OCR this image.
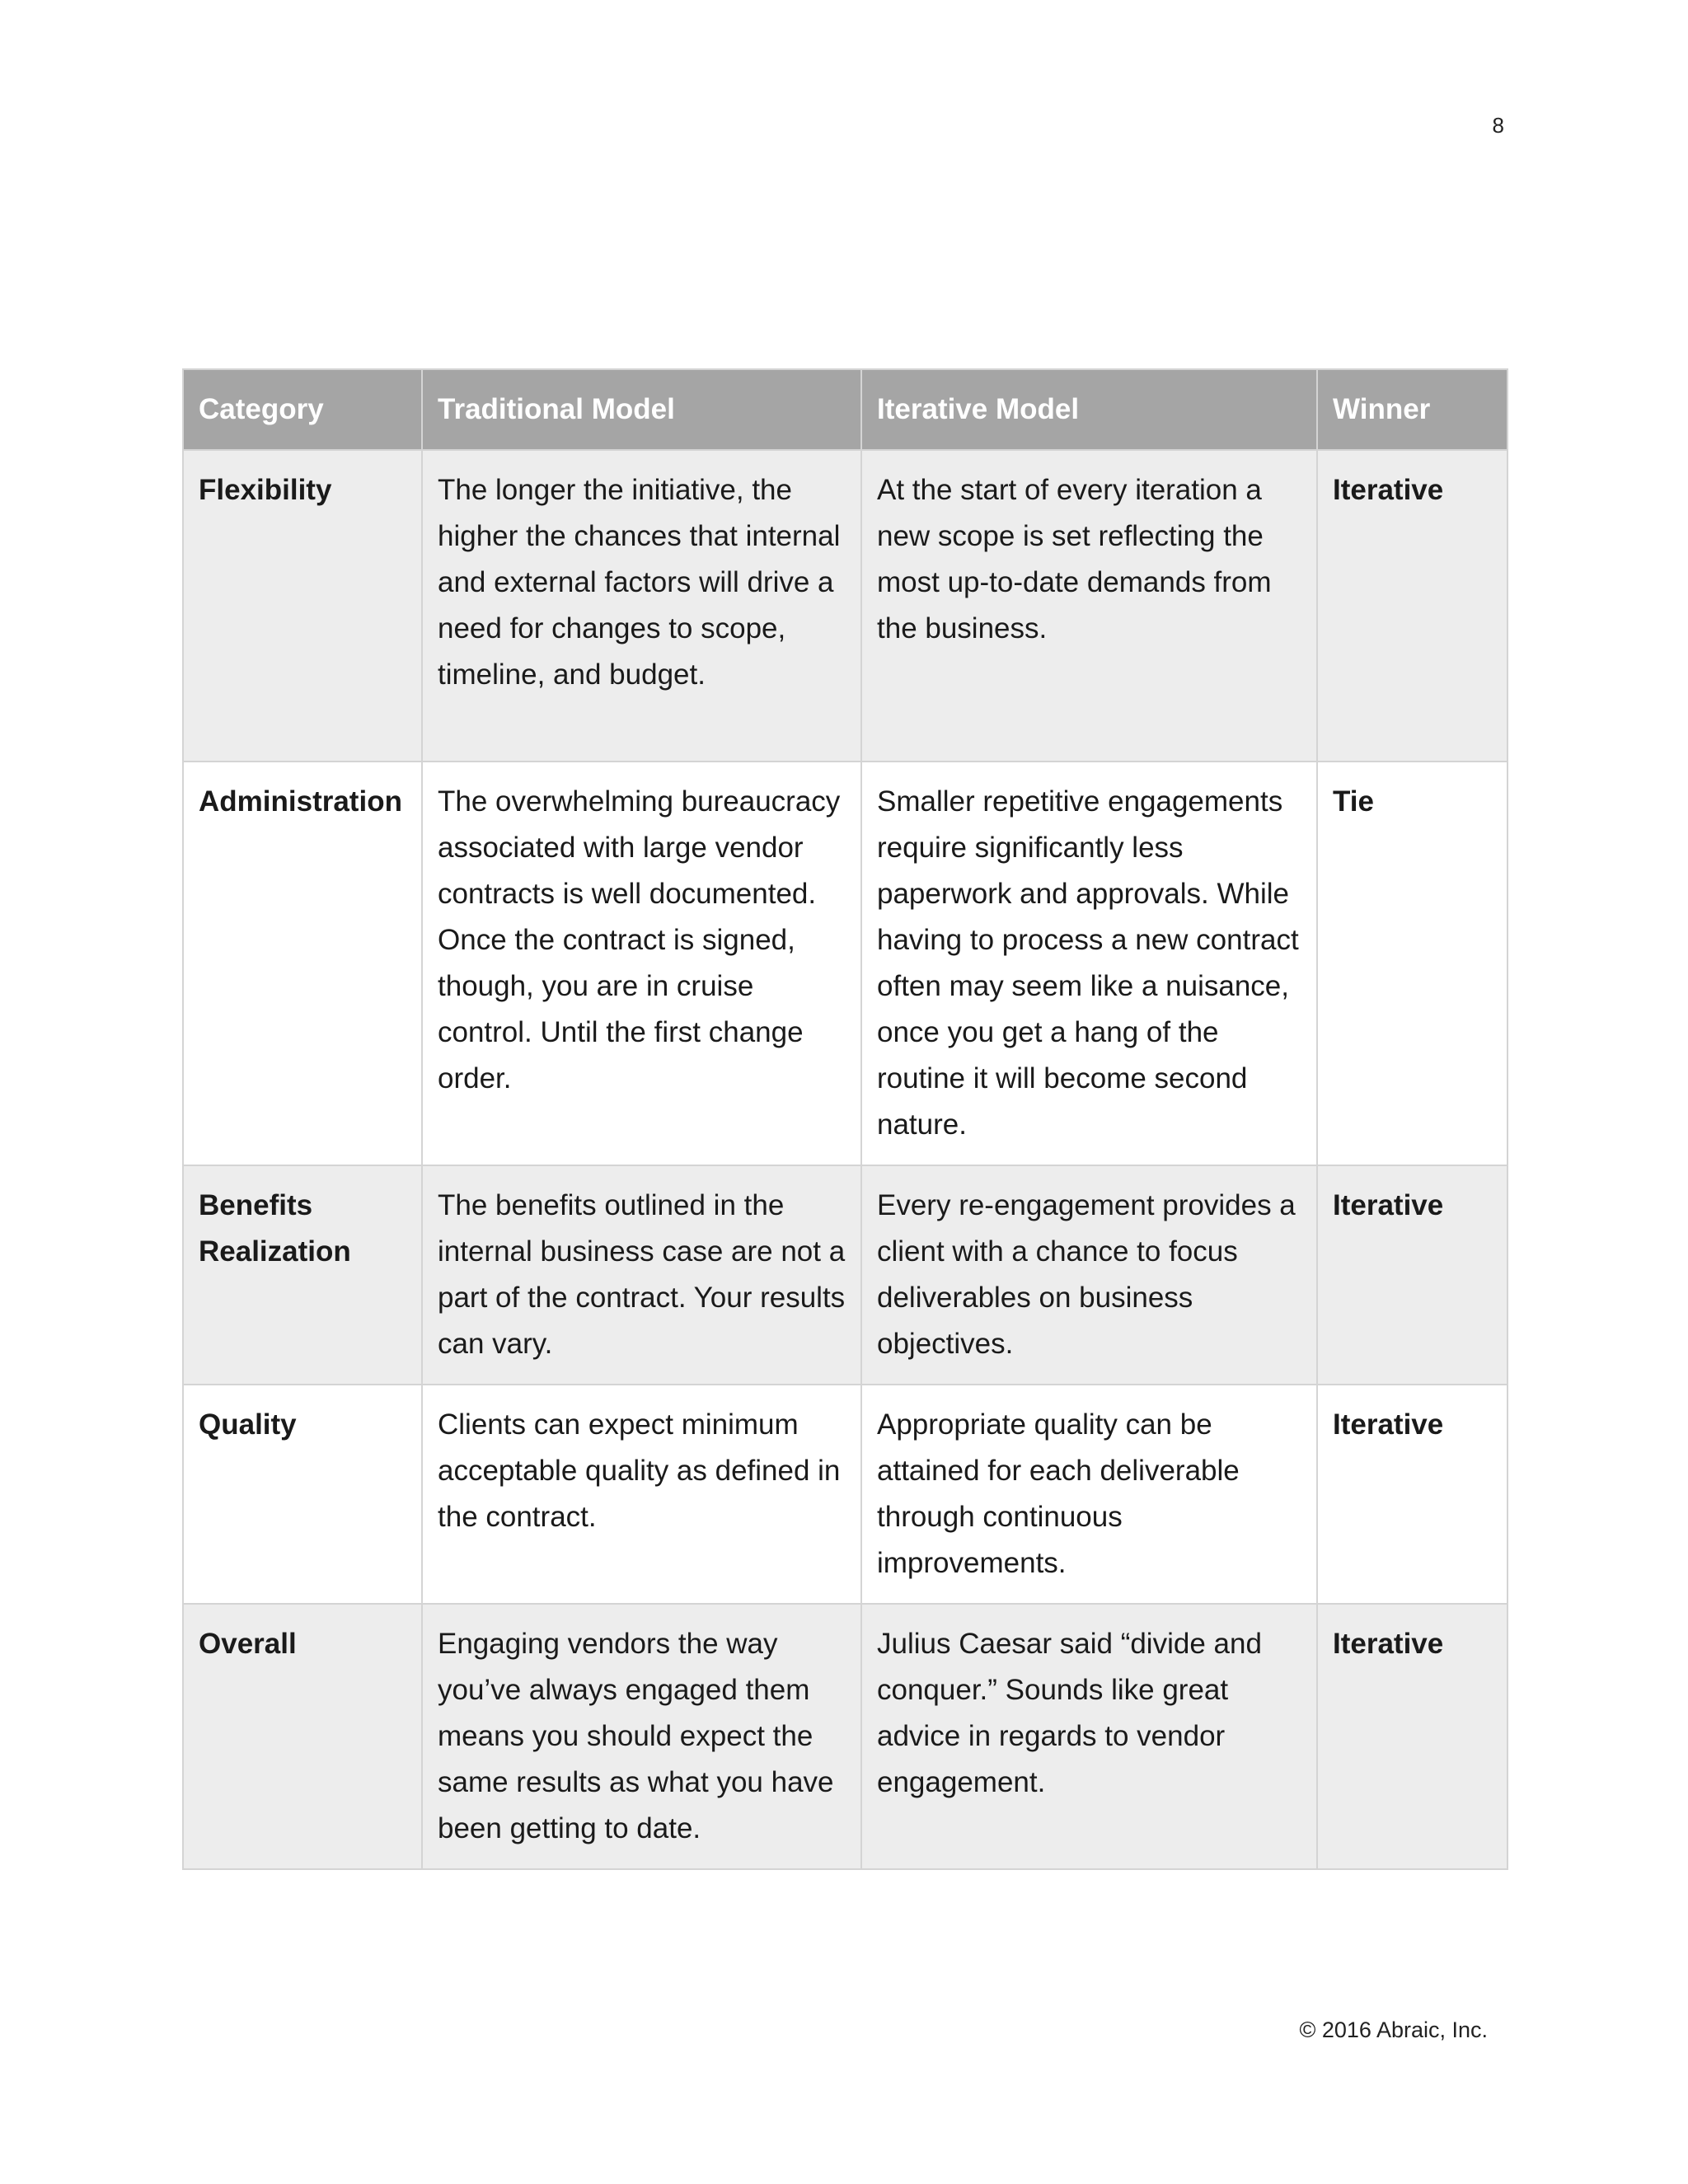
8
Category	Traditional Model	Iterative Model	Winner
Flexibility	The longer the initiative, the higher the chances that internal and external factors will drive a need for changes to scope, timeline, and budget.	At the start of every iteration a new scope is set reflecting the most up-to-date demands from the business.	Iterative
Administration	The overwhelming bureaucracy associated with large vendor contracts is well documented. Once the contract is signed, though, you are in cruise control. Until the first change order.	Smaller repetitive engagements require significantly less paperwork and approvals. While having to process a new contract often may seem like a nuisance, once you get a hang of the routine it will become second nature.	Tie
Benefits Realization	The benefits outlined in the internal business case are not a part of the contract. Your results can vary.	Every re-engagement provides a client with a chance to focus deliverables on business objectives.	Iterative
Quality	Clients can expect minimum acceptable quality as defined in the contract.	Appropriate quality can be attained for each deliverable through continuous improvements.	Iterative
Overall	Engaging vendors the way you’ve always engaged them means you should expect the same results as what you have been getting to date.	Julius Caesar said “divide and conquer.” Sounds like great advice in regards to vendor engagement.	Iterative
© 2016 Abraic, Inc.
